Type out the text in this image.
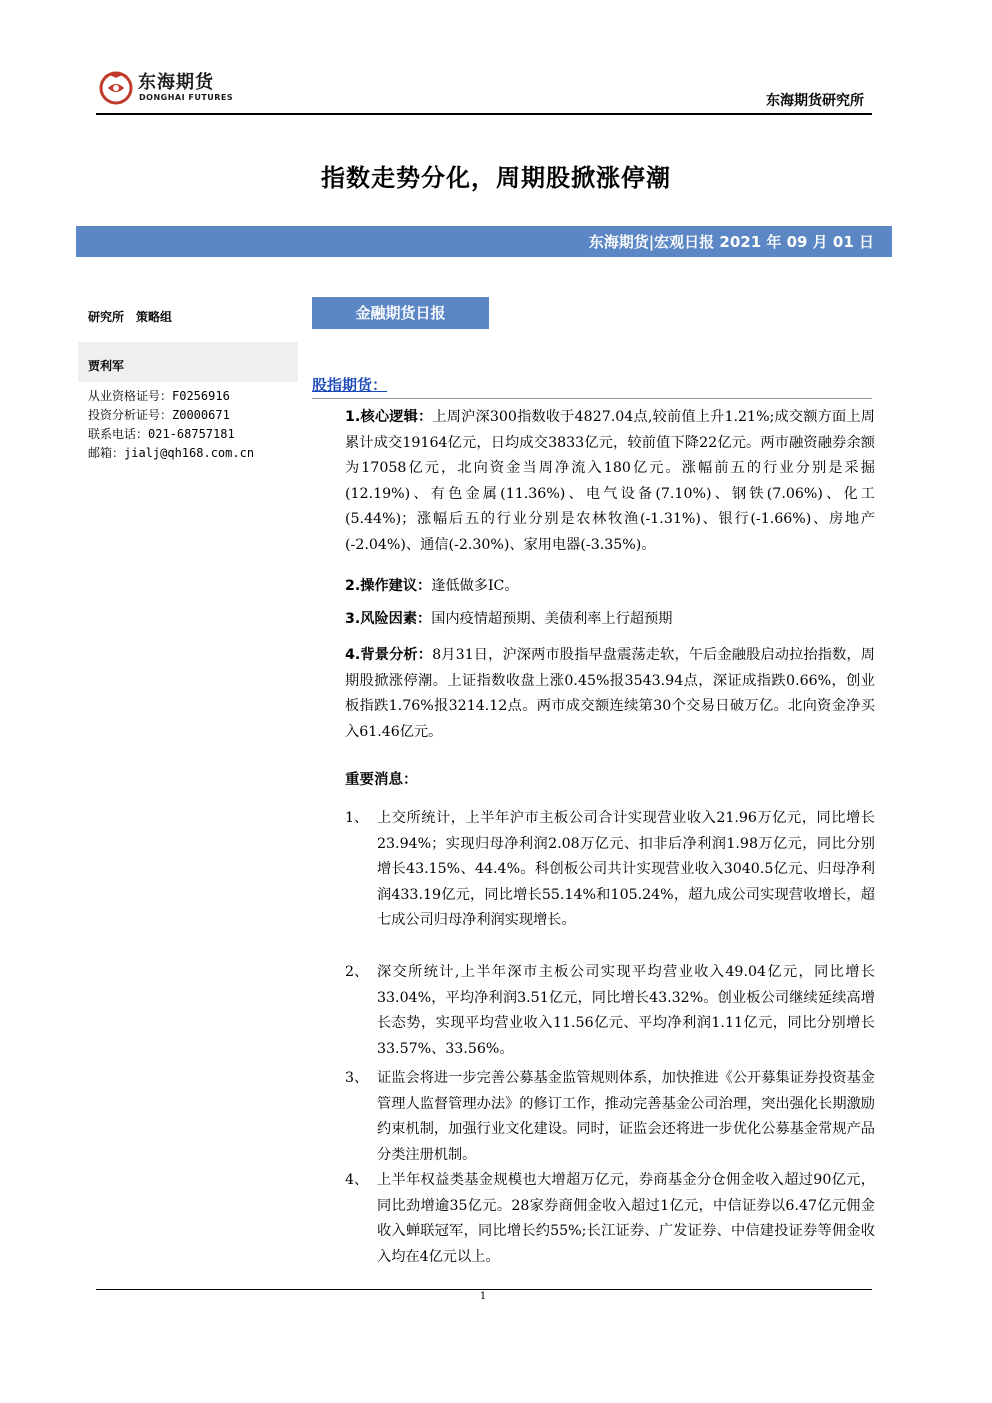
东海期货
DONGHAI FUTURES	东海期货研究所
指数走势分化，周期股掀涨停潮
东海期货|宏观日报 2021 年 09 月 01 日
研究所　策略组
贾利军
从业资格证号：F0256916
投资分析证号：Z0000671
联系电话：021-68757181
邮箱：jialj@qh168.com.cn
金融期货日报
股指期货：
1.核心逻辑：上周沪深300指数收于4827.04点,较前值上升1.21%;成交额方面上周累计成交19164亿元，日均成交3833亿元，较前值下降22亿元。两市融资融券余额为17058亿元，北向资金当周净流入180亿元。涨幅前五的行业分别是采掘(12.19%)、有色金属(11.36%)、电气设备(7.10%)、钢铁(7.06%)、化工(5.44%)；涨幅后五的行业分别是农林牧渔(-1.31%)、银行(-1.66%)、房地产(-2.04%)、通信(-2.30%)、家用电器(-3.35%)。
2.操作建议：逢低做多IC。
3.风险因素：国内疫情超预期、美债利率上行超预期
4.背景分析：8月31日，沪深两市股指早盘震荡走软，午后金融股启动拉抬指数，周期股掀涨停潮。上证指数收盘上涨0.45%报3543.94点，深证成指跌0.66%，创业板指跌1.76%报3214.12点。两市成交额连续第30个交易日破万亿。北向资金净买入61.46亿元。
重要消息：
1、 上交所统计，上半年沪市主板公司合计实现营业收入21.96万亿元，同比增长23.94%；实现归母净利润2.08万亿元、扣非后净利润1.98万亿元，同比分别增长43.15%、44.4%。科创板公司共计实现营业收入3040.5亿元、归母净利润433.19亿元，同比增长55.14%和105.24%，超九成公司实现营收增长，超七成公司归母净利润实现增长。
2、 深交所统计,上半年深市主板公司实现平均营业收入49.04亿元，同比增长33.04%，平均净利润3.51亿元，同比增长43.32%。创业板公司继续延续高增长态势，实现平均营业收入11.56亿元、平均净利润1.11亿元，同比分别增长33.57%、33.56%。
3、 证监会将进一步完善公募基金监管规则体系，加快推进《公开募集证券投资基金管理人监督管理办法》的修订工作，推动完善基金公司治理，突出强化长期激励约束机制，加强行业文化建设。同时，证监会还将进一步优化公募基金常规产品分类注册机制。
4、 上半年权益类基金规模也大增超万亿元，券商基金分仓佣金收入超过90亿元，同比劲增逾35亿元。28家券商佣金收入超过1亿元，中信证券以6.47亿元佣金收入蝉联冠军，同比增长约55%;长江证券、广发证券、中信建投证券等佣金收入均在4亿元以上。
1
